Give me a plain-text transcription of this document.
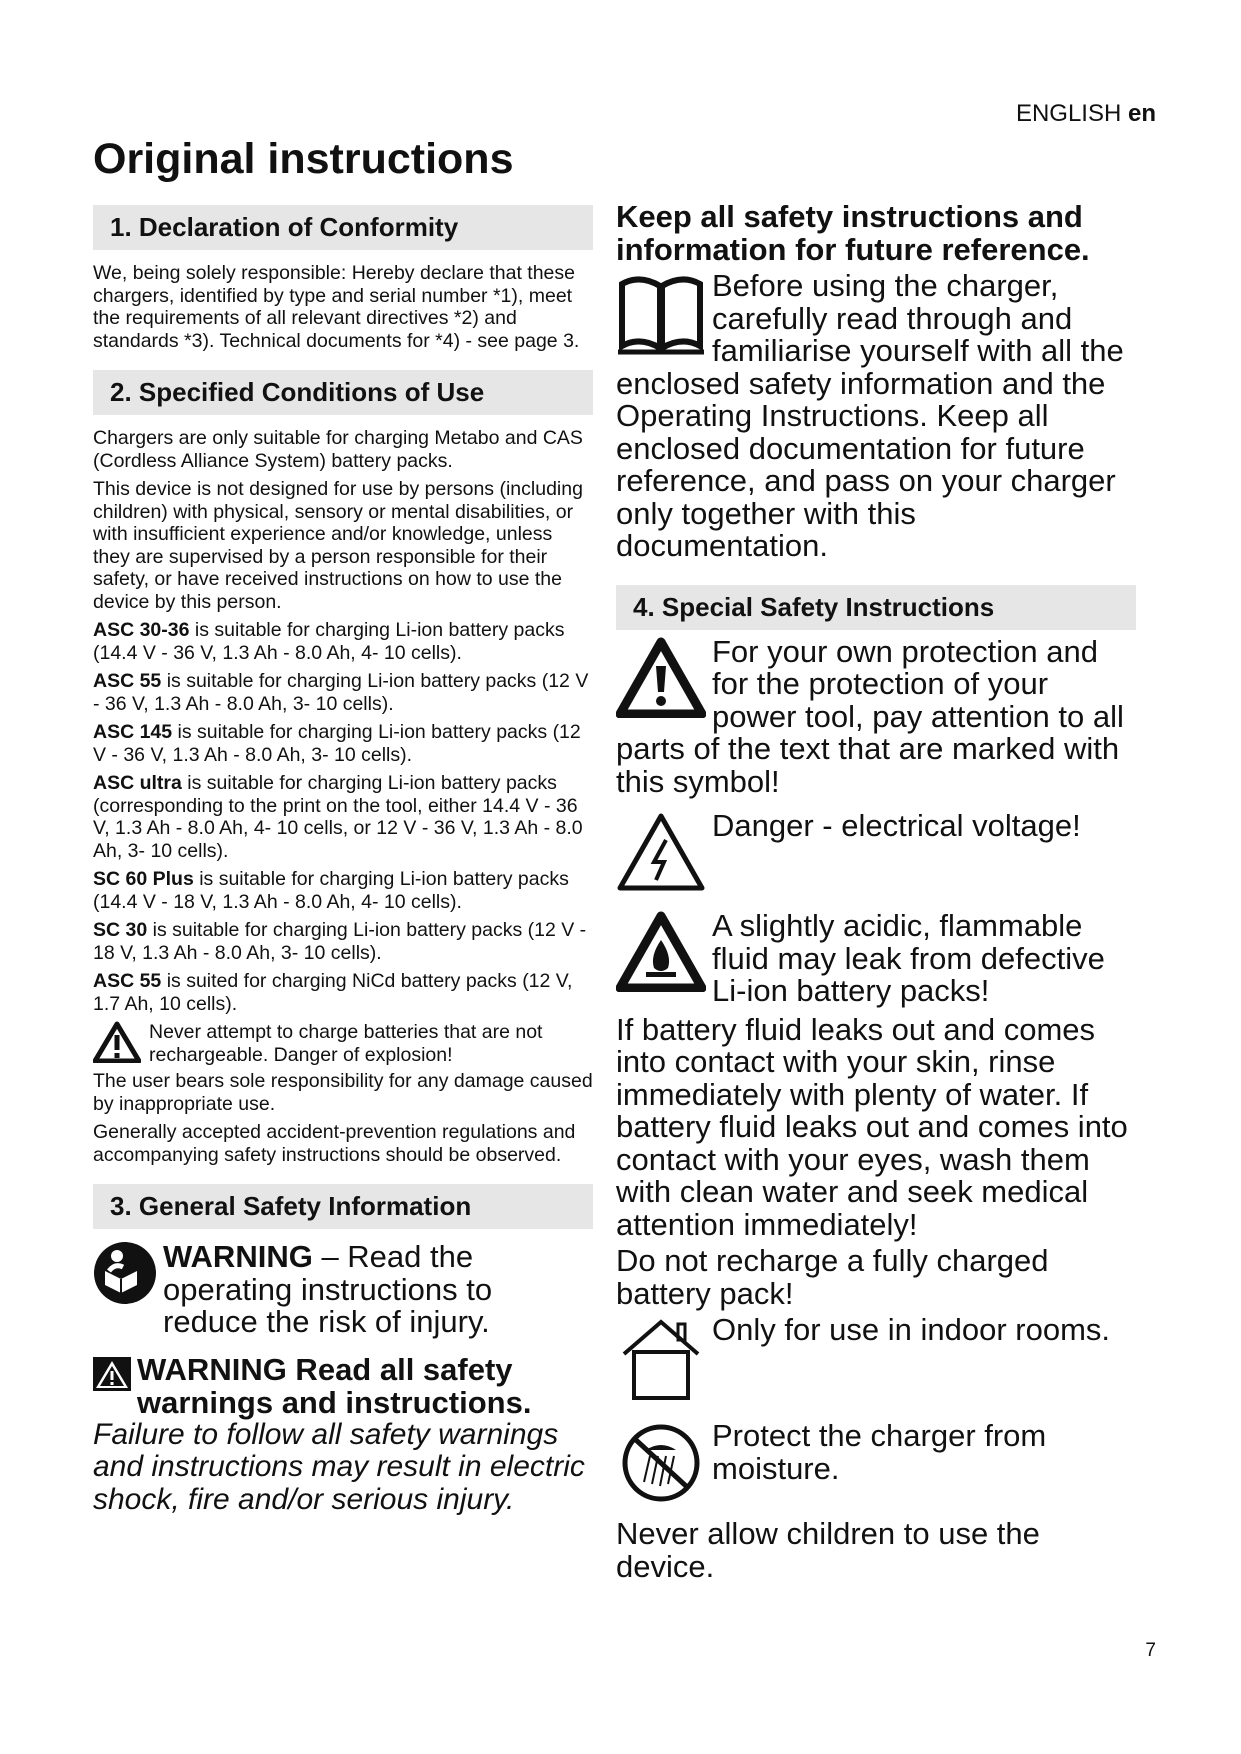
ENGLISH en
Original instructions
1. Declaration of Conformity

We, being solely responsible: Hereby declare that these chargers, identified by type and serial number *1), meet the requirements of all relevant directives *2) and standards *3). Technical documents for *4) - see page 3.

2. Specified Conditions of Use

Chargers are only suitable for charging Metabo and CAS (Cordless Alliance System) battery packs.

This device is not designed for use by persons (including children) with physical, sensory or mental disabilities, or with insufficient experience and/or knowledge, unless they are supervised by a person responsible for their safety, or have received instructions on how to use the device by this person.

ASC 30-36 is suitable for charging Li-ion battery packs (14.4 V - 36 V, 1.3 Ah - 8.0 Ah, 4- 10 cells).

ASC 55 is suitable for charging Li-ion battery packs (12 V - 36 V, 1.3 Ah - 8.0 Ah, 3- 10 cells).

ASC 145 is suitable for charging Li-ion battery packs (12 V - 36 V, 1.3 Ah - 8.0 Ah, 3- 10 cells).

ASC ultra is suitable for charging Li-ion battery packs (corresponding to the print on the tool, either 14.4 V - 36 V, 1.3 Ah - 8.0 Ah, 4- 10 cells, or 12 V - 36 V, 1.3 Ah - 8.0 Ah, 3- 10 cells).

SC 60 Plus is suitable for charging Li-ion battery packs (14.4 V - 18 V, 1.3 Ah - 8.0 Ah, 4- 10 cells).

SC 30 is suitable for charging Li-ion battery packs (12 V - 18 V, 1.3 Ah - 8.0 Ah, 3- 10 cells).

ASC 55 is suited for charging NiCd battery packs (12 V, 1.7 Ah, 10 cells).

Never attempt to charge batteries that are not rechargeable. Danger of explosion!

The user bears sole responsibility for any damage caused by inappropriate use.

Generally accepted accident-prevention regulations and accompanying safety instructions should be observed.

3. General Safety Information
WARNING – Read the operating instructions to reduce the risk of injury.
WARNING Read all safety warnings and instructions.
Failure to follow all safety warnings and instructions may result in electric shock, fire and/or serious injury.
Keep all safety instructions and information for future reference.
Before using the charger, carefully read through and familiarise yourself with all the enclosed safety information and the Operating Instructions. Keep all enclosed documentation for future reference, and pass on your charger only together with this documentation.
4. Special Safety Instructions
For your own protection and for the protection of your power tool, pay attention to all parts of the text that are marked with this symbol!
Danger - electrical voltage!
A slightly acidic, flammable fluid may leak from defective Li-ion battery packs!
If battery fluid leaks out and comes into contact with your skin, rinse immediately with plenty of water. If battery fluid leaks out and comes into contact with your eyes, wash them with clean water and seek medical attention immediately!
Do not recharge a fully charged battery pack!
Only for use in indoor rooms.
Protect the charger from moisture.
Never allow children to use the device.
7
